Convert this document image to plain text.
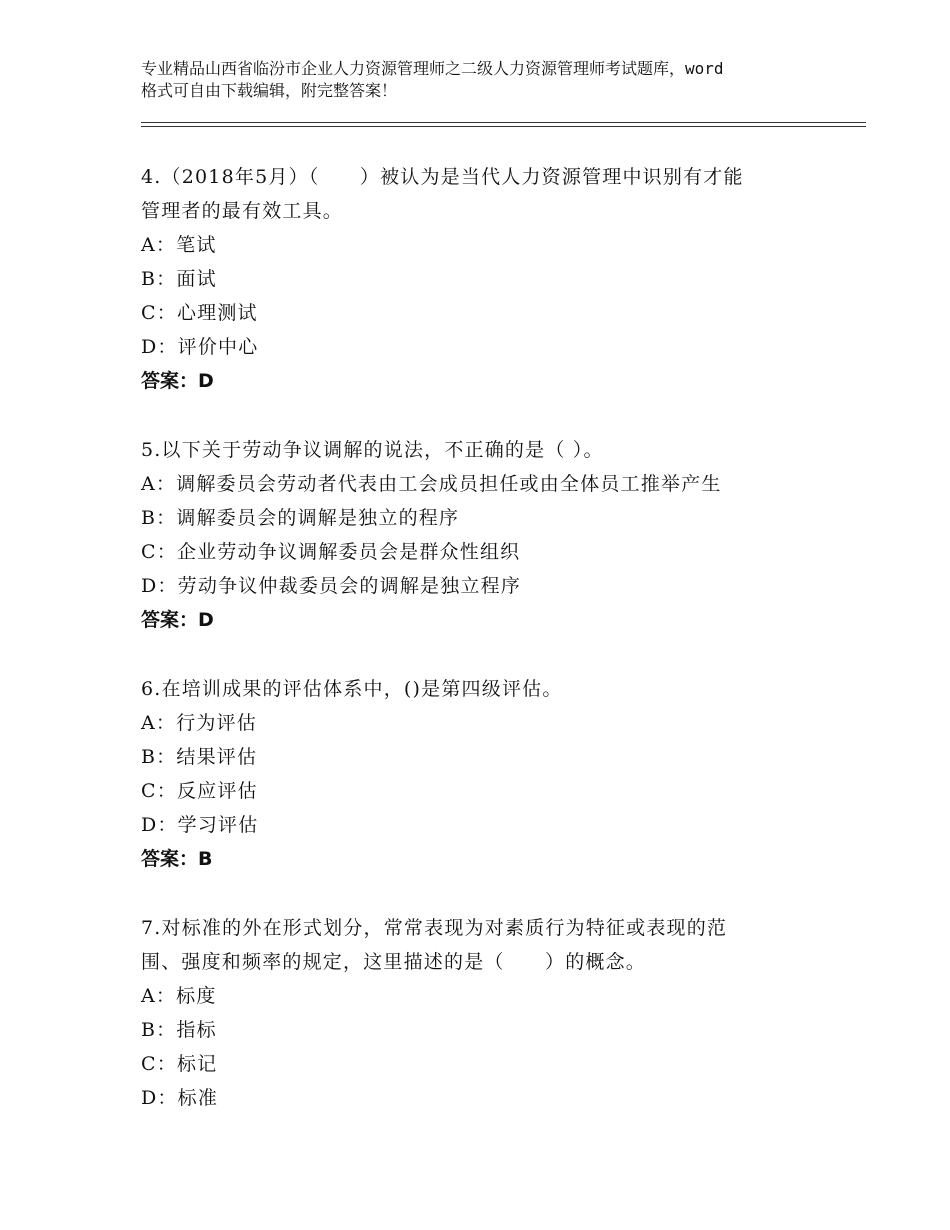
专业精品山西省临汾市企业人力资源管理师之二级人力资源管理师考试题库，word
格式可自由下载编辑，附完整答案！
4.（2018年5月）（　　）被认为是当代人力资源管理中识别有才能
管理者的最有效工具。
A：笔试
B：面试
C：心理测试
D：评价中心
答案：D
5.以下关于劳动争议调解的说法，不正确的是（ ）。
A：调解委员会劳动者代表由工会成员担任或由全体员工推举产生
B：调解委员会的调解是独立的程序
C：企业劳动争议调解委员会是群众性组织
D：劳动争议仲裁委员会的调解是独立程序
答案：D
6.在培训成果的评估体系中，()是第四级评估。
A：行为评估
B：结果评估
C：反应评估
D：学习评估
答案：B
7.对标准的外在形式划分，常常表现为对素质行为特征或表现的范
围、强度和频率的规定，这里描述的是（　　）的概念。
A：标度
B：指标
C：标记
D：标准
